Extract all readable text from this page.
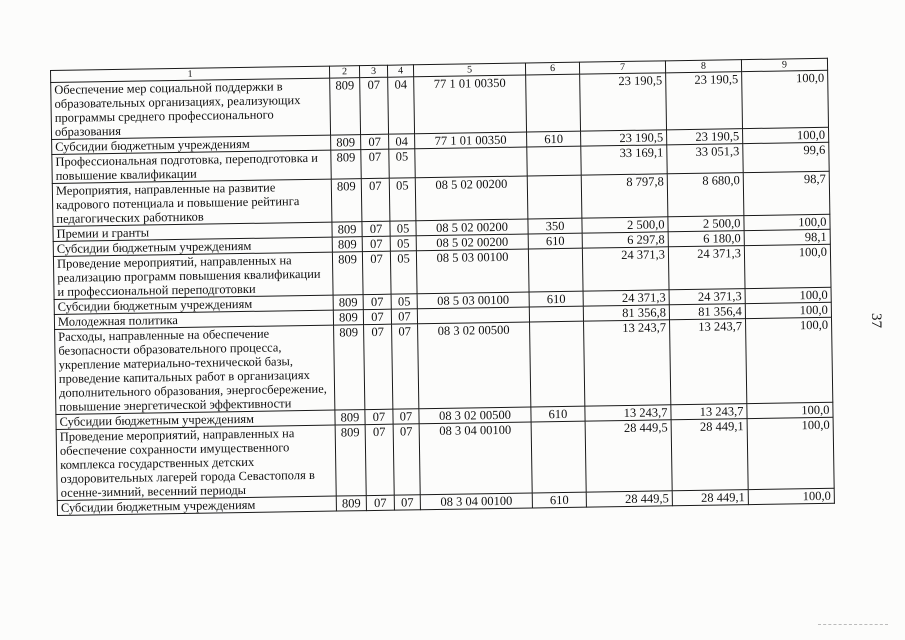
1	2	3	4	5	6	7	8	9
Обеспечение мер социальной поддержки в образовательных организациях, реализующих программы среднего профессионального образования	809	07	04	77 1 01 00350		23 190,5	23 190,5	100,0
Субсидии бюджетным учреждениям	809	07	04	77 1 01 00350	610	23 190,5	23 190,5	100,0
Профессиональная подготовка, переподготовка и повышение квалификации	809	07	05			33 169,1	33 051,3	99,6
Мероприятия, направленные на развитие кадрового потенциала и повышение рейтинга педагогических работников	809	07	05	08 5 02 00200		8 797,8	8 680,0	98,7
Премии и гранты	809	07	05	08 5 02 00200	350	2 500,0	2 500,0	100,0
Субсидии бюджетным учреждениям	809	07	05	08 5 02 00200	610	6 297,8	6 180,0	98,1
Проведение мероприятий, направленных на реализацию программ повышения квалификации и профессиональной переподготовки	809	07	05	08 5 03 00100		24 371,3	24 371,3	100,0
Субсидии бюджетным учреждениям	809	07	05	08 5 03 00100	610	24 371,3	24 371,3	100,0
Молодежная политика	809	07	07			81 356,8	81 356,4	100,0
Расходы, направленные на обеспечение безопасности образовательного процесса, укрепление материально-технической базы, проведение капитальных работ в организациях дополнительного образования, энергосбережение, повышение энергетической эффективности	809	07	07	08 3 02 00500		13 243,7	13 243,7	100,0
Субсидии бюджетным учреждениям	809	07	07	08 3 02 00500	610	13 243,7	13 243,7	100,0
Проведение мероприятий, направленных на обеспечение сохранности имущественного комплекса государственных детских оздоровительных лагерей города Севастополя в осенне-зимний, весенний периоды	809	07	07	08 3 04 00100		28 449,5	28 449,1	100,0
Субсидии бюджетным учреждениям	809	07	07	08 3 04 00100	610	28 449,5	28 449,1	100,0
37
